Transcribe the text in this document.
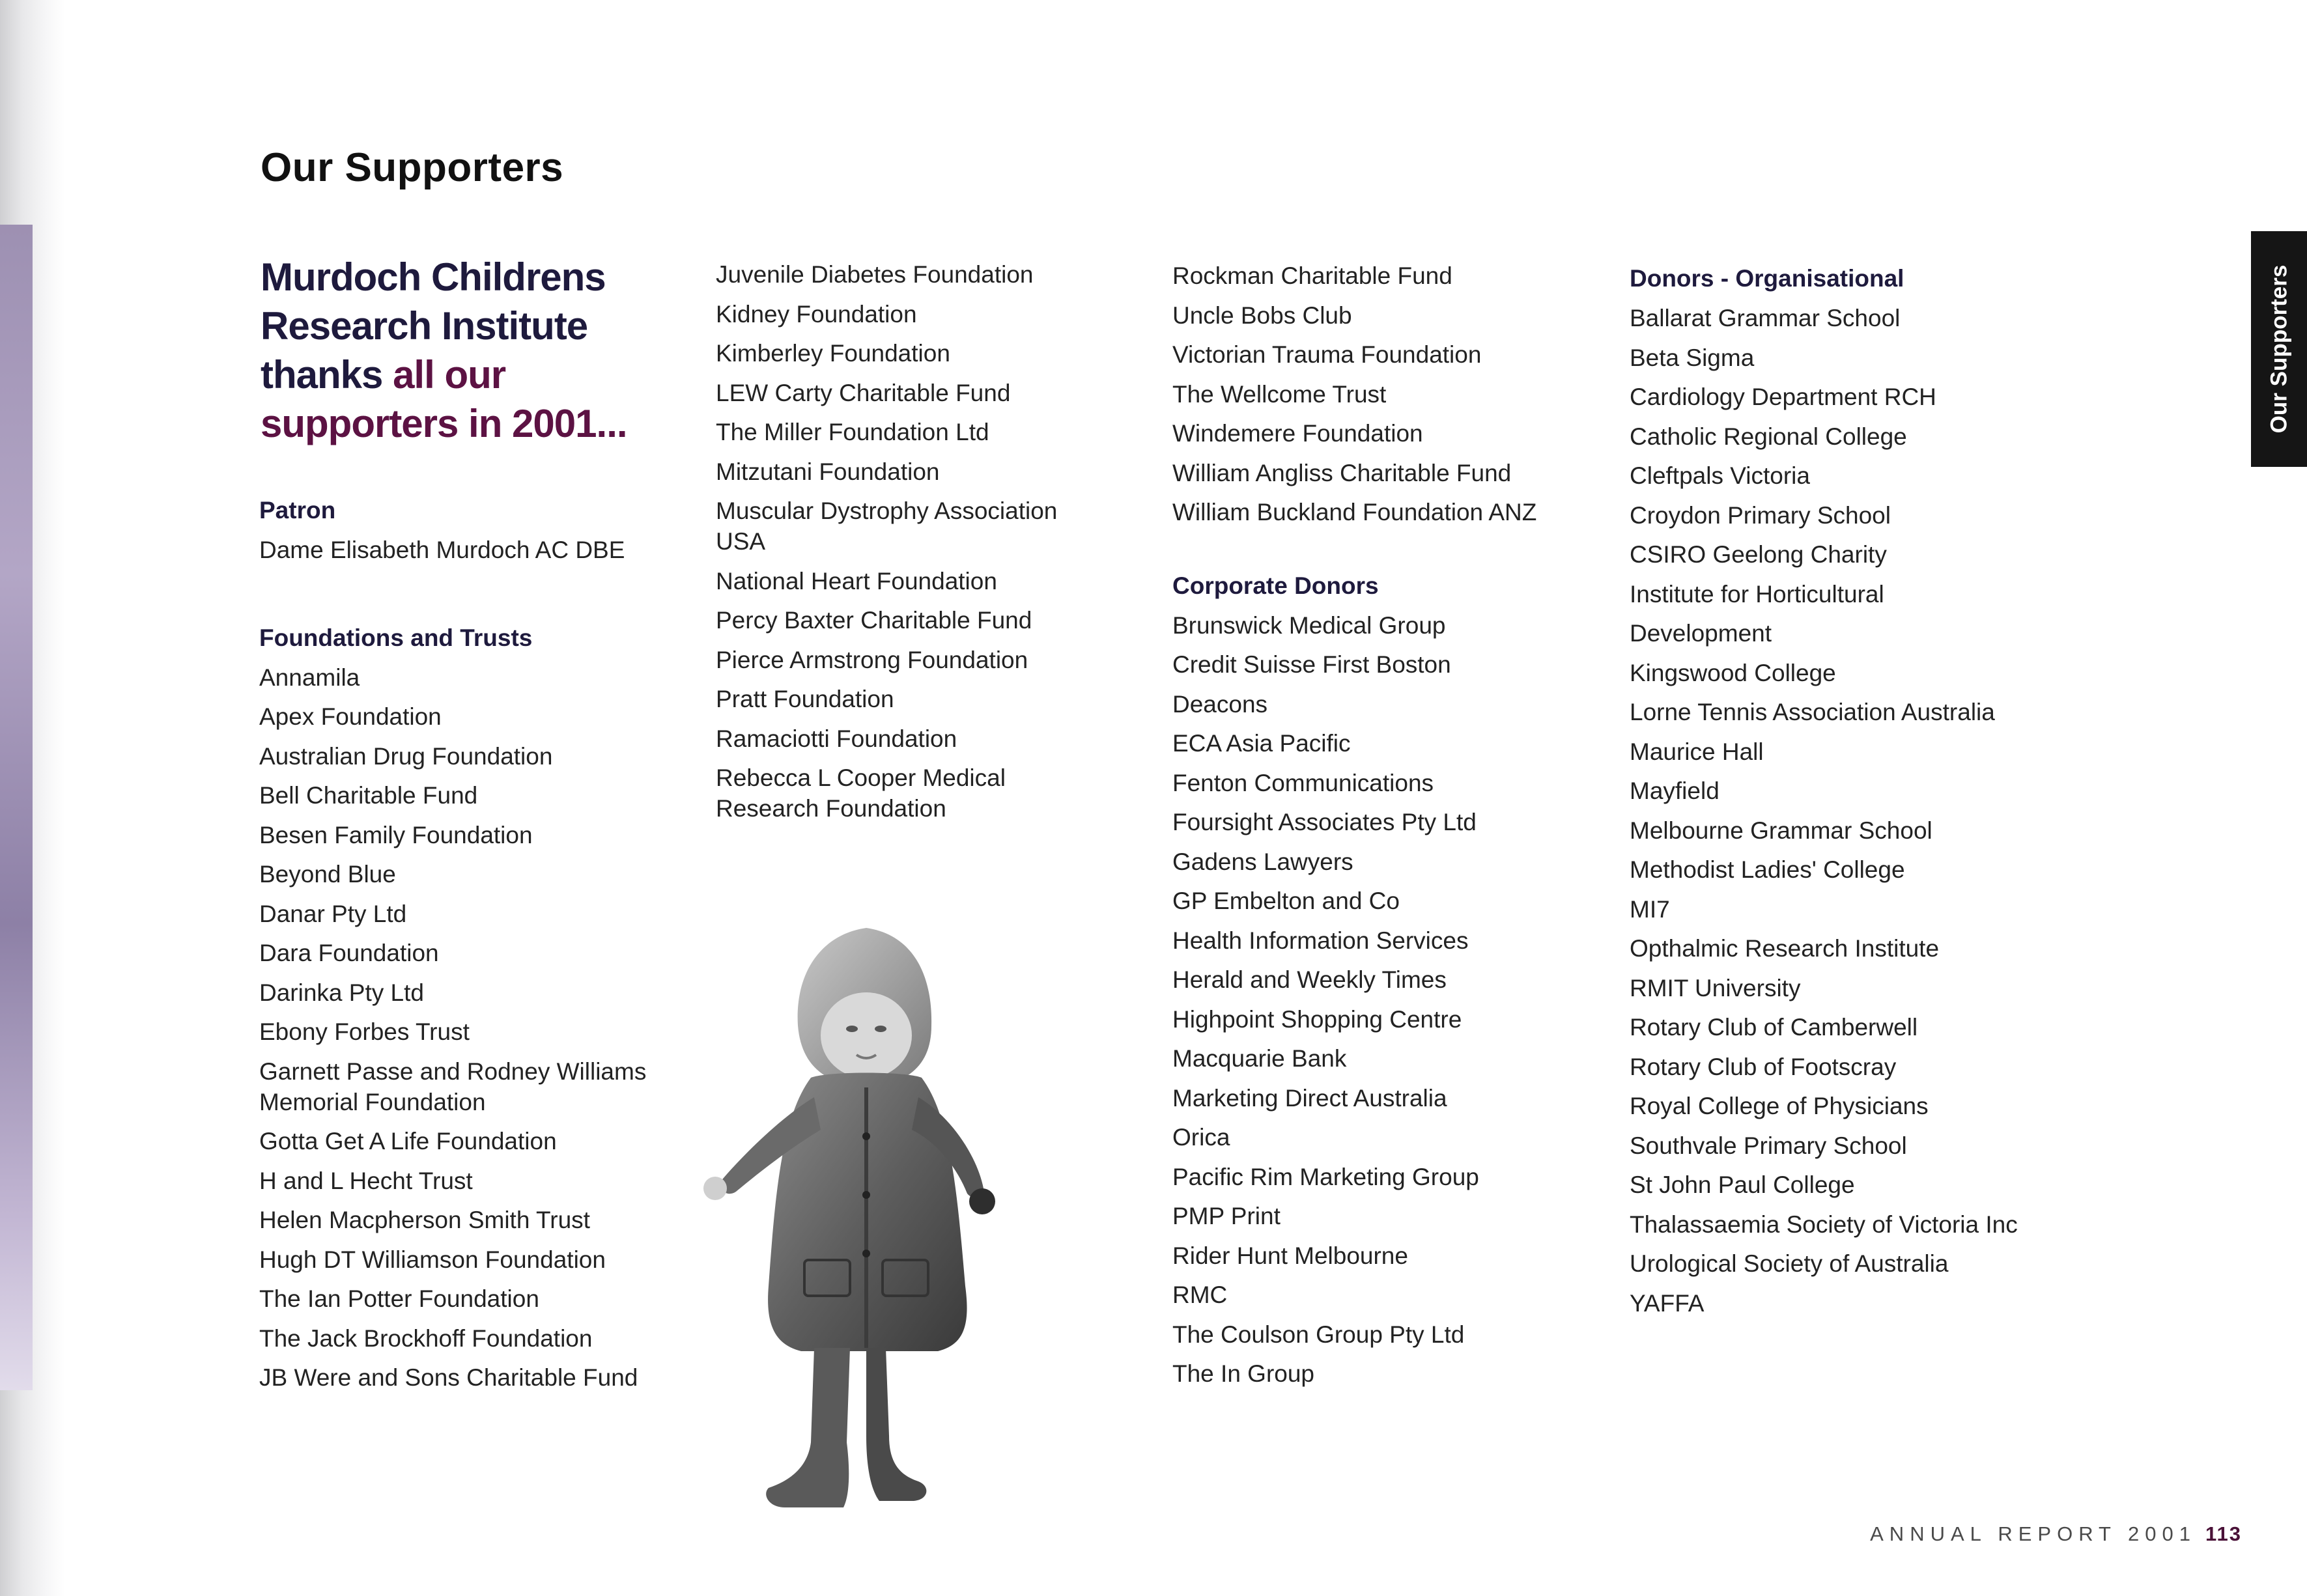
Our Supporters
Murdoch Childrens
Research Institute
thanks all our
supporters in 2001...
Patron
Dame Elisabeth Murdoch AC DBE
Foundations and Trusts
Annamila
Apex Foundation
Australian Drug Foundation
Bell Charitable Fund
Besen Family Foundation
Beyond Blue
Danar Pty Ltd
Dara Foundation
Darinka Pty Ltd
Ebony Forbes Trust
Garnett Passe and Rodney Williams Memorial Foundation
Gotta Get A Life Foundation
H and L Hecht Trust
Helen Macpherson Smith Trust
Hugh DT Williamson Foundation
The Ian Potter Foundation
The Jack Brockhoff Foundation
JB Were and Sons Charitable Fund
Juvenile Diabetes Foundation
Kidney Foundation
Kimberley Foundation
LEW Carty Charitable Fund
The Miller Foundation Ltd
Mitzutani Foundation
Muscular Dystrophy Association USA
National Heart Foundation
Percy Baxter Charitable Fund
Pierce Armstrong Foundation
Pratt Foundation
Ramaciotti Foundation
Rebecca L Cooper Medical Research Foundation
Rockman Charitable Fund
Uncle Bobs Club
Victorian Trauma Foundation
The Wellcome Trust
Windemere Foundation
William Angliss Charitable Fund
William Buckland Foundation ANZ
Corporate Donors
Brunswick Medical Group
Credit Suisse First Boston
Deacons
ECA Asia Pacific
Fenton Communications
Foursight Associates Pty Ltd
Gadens Lawyers
GP Embelton and Co
Health Information Services
Herald and Weekly Times
Highpoint Shopping Centre
Macquarie Bank
Marketing Direct Australia
Orica
Pacific Rim Marketing Group
PMP Print
Rider Hunt Melbourne
RMC
The Coulson Group Pty Ltd
The In Group
Donors - Organisational
Ballarat Grammar School
Beta Sigma
Cardiology Department RCH
Catholic Regional College
Cleftpals Victoria
Croydon Primary School
CSIRO Geelong Charity
Institute for Horticultural
Development
Kingswood College
Lorne Tennis Association Australia
Maurice Hall
Mayfield
Melbourne Grammar School
Methodist Ladies' College
MI7
Opthalmic Research Institute
RMIT University
Rotary Club of Camberwell
Rotary Club of Footscray
Royal College of Physicians
Southvale Primary School
St John Paul College
Thalassaemia Society of Victoria Inc
Urological Society of Australia
YAFFA
Our Supporters
ANNUAL REPORT 2001 113
